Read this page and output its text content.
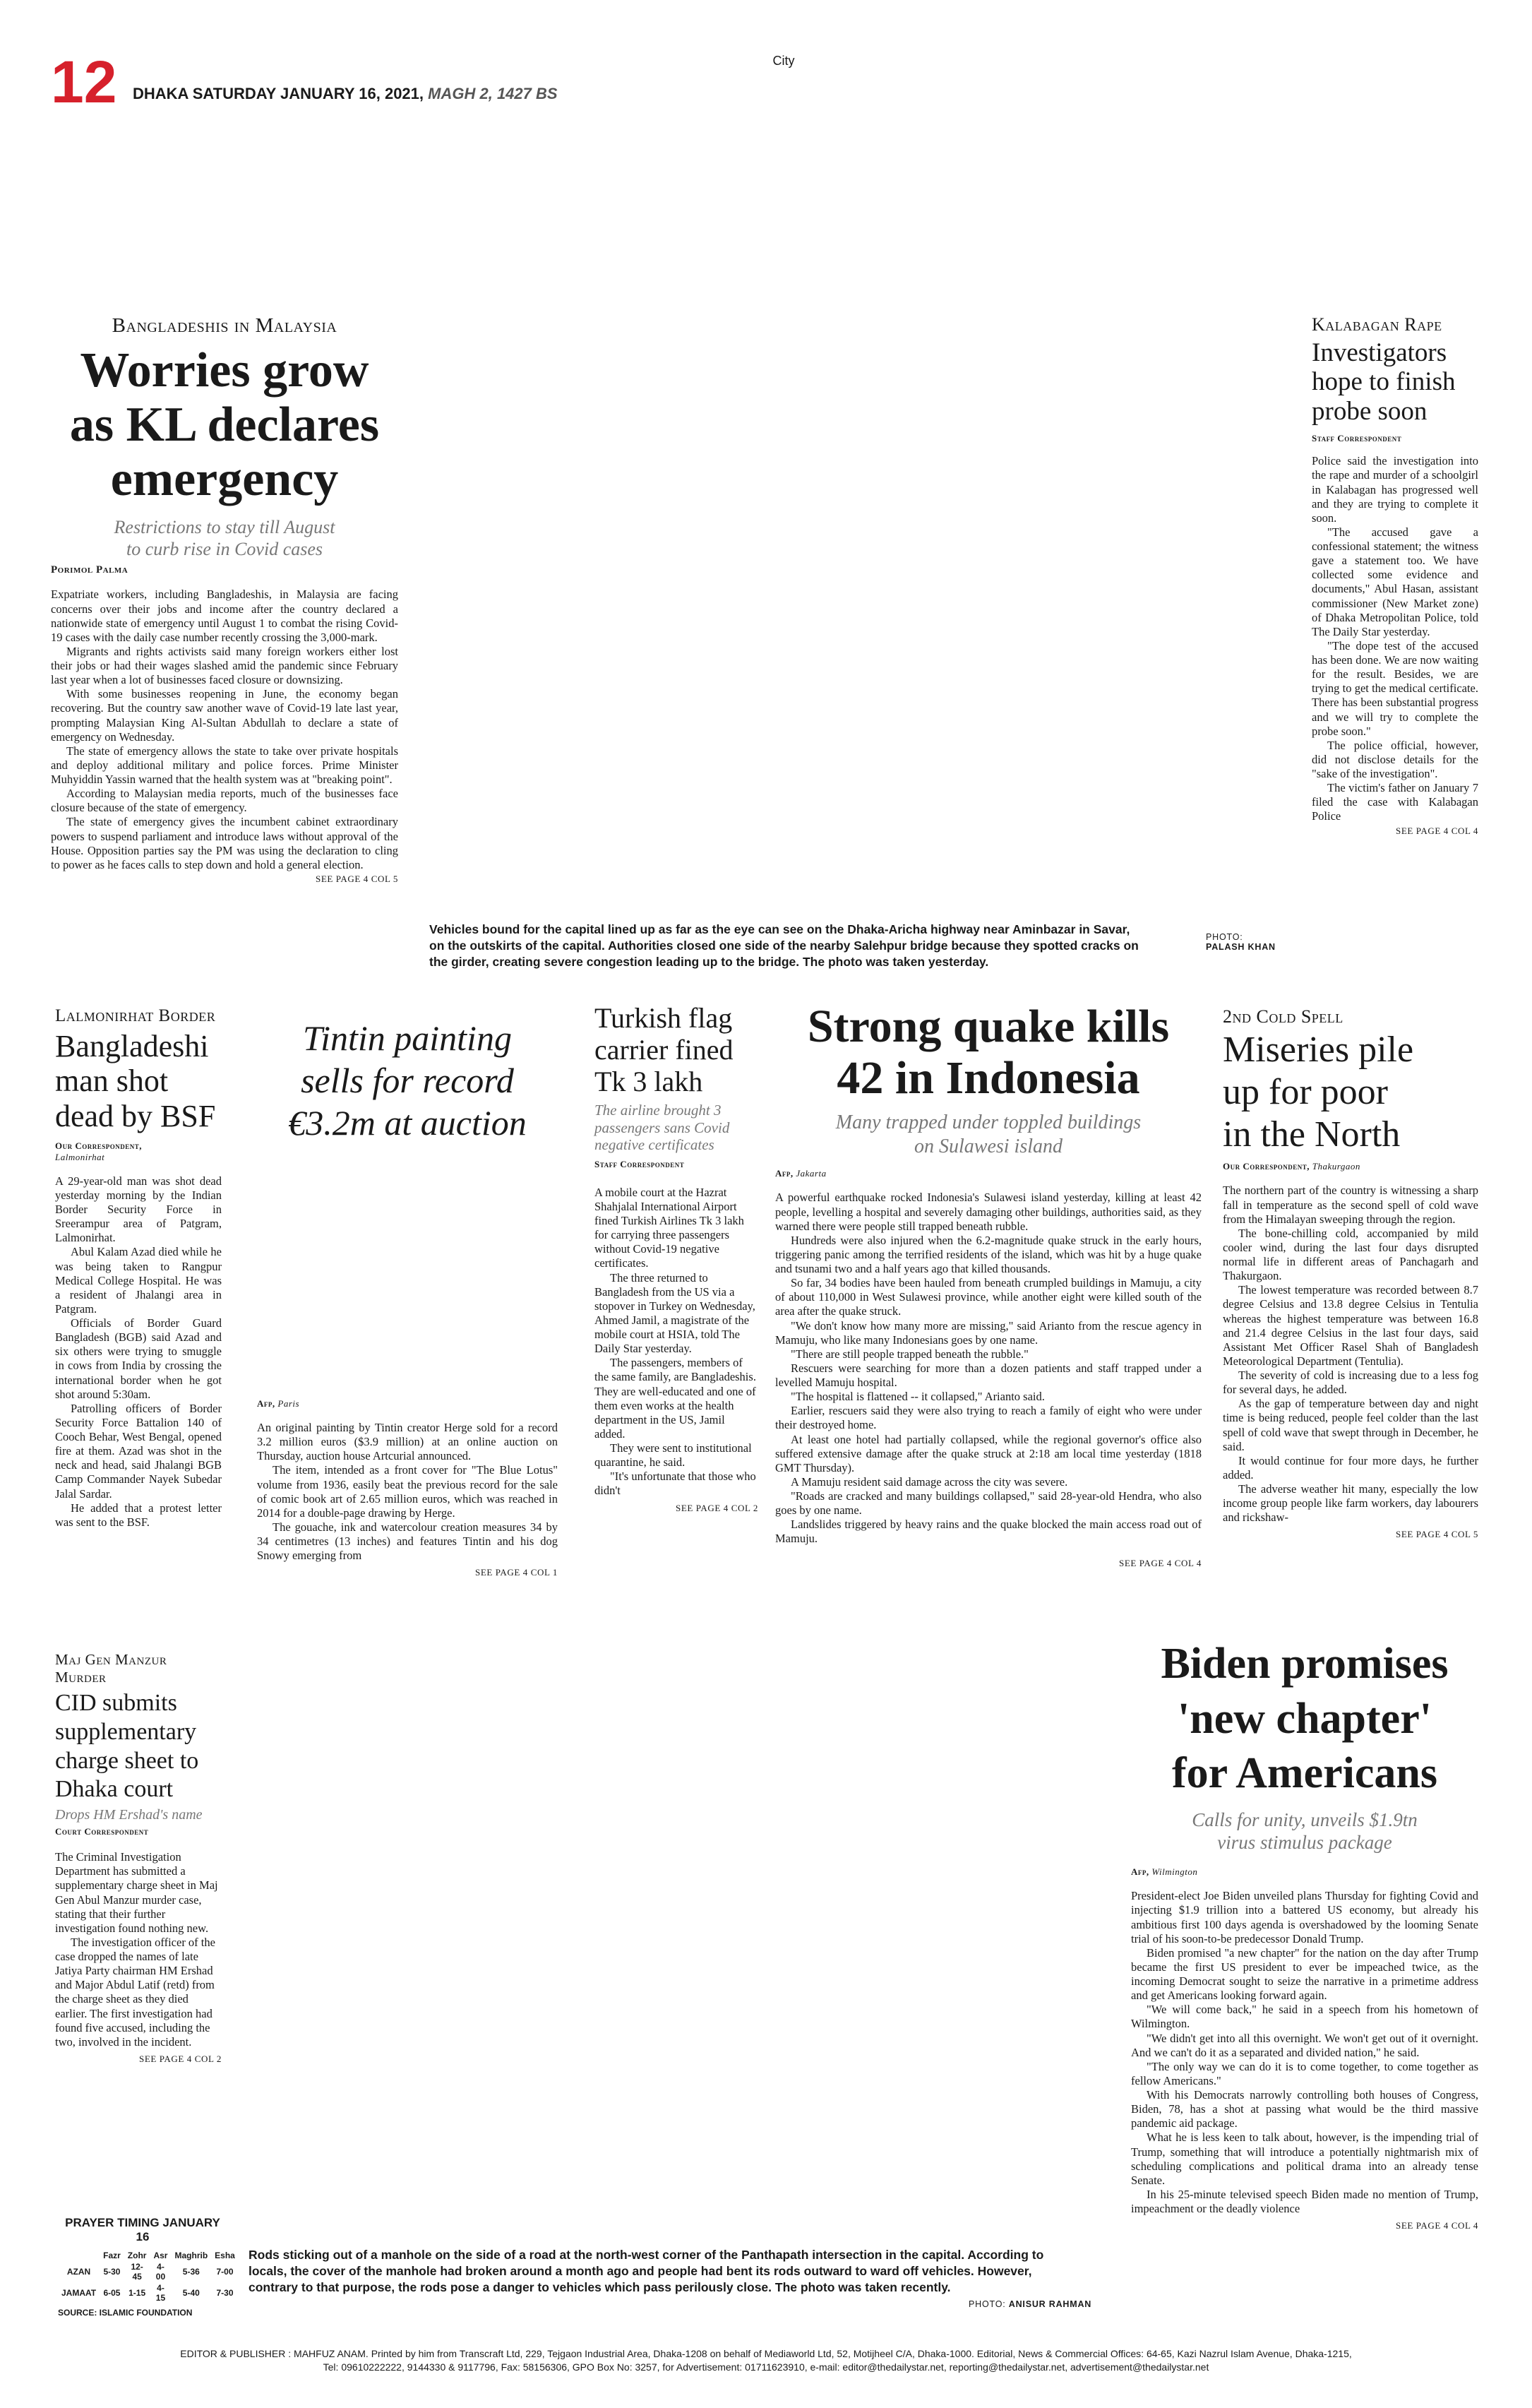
12 DHAKA SATURDAY JANUARY 16, 2021, MAGH 2, 1427 BS
City
Bangladeshis in Malaysia
Worries grow
as KL declares
emergency
Restrictions to stay till August
to curb rise in Covid cases
Porimol Palma

Expatriate workers, including Bangladeshis, in Malaysia are facing concerns over their jobs and income after the country declared a nationwide state of emergency until August 1 to combat the rising Covid-19 cases with the daily case number recently crossing the 3,000-mark.

Migrants and rights activists said many foreign workers either lost their jobs or had their wages slashed amid the pandemic since February last year when a lot of businesses faced closure or downsizing.

With some businesses reopening in June, the economy began recovering. But the country saw another wave of Covid-19 late last year, prompting Malaysian King Al-Sultan Abdullah to declare a state of emergency on Wednesday.

The state of emergency allows the state to take over private hospitals and deploy additional military and police forces. Prime Minister Muhyiddin Yassin warned that the health system was at "breaking point".

According to Malaysian media reports, much of the businesses face closure because of the state of emergency.

The state of emergency gives the incumbent cabinet extraordinary powers to suspend parliament and introduce laws without approval of the House. Opposition parties say the PM was using the declaration to cling to power as he faces calls to step down and hold a general election.

SEE PAGE 4 COL 5
Vehicles bound for the capital lined up as far as the eye can see on the Dhaka-Aricha highway near Aminbazar in Savar, on the outskirts of the capital. Authorities closed one side of the nearby Salehpur bridge because they spotted cracks on the girder, creating severe congestion leading up to the bridge. The photo was taken yesterday.
PHOTO:
PALASH KHAN
Kalabagan Rape
Investigators
hope to finish
probe soon
Staff Correspondent

Police said the investigation into the rape and murder of a schoolgirl in Kalabagan has progressed well and they are trying to complete it soon.

"The accused gave a confessional statement; the witness gave a statement too. We have collected some evidence and documents," Abul Hasan, assistant commissioner (New Market zone) of Dhaka Metropolitan Police, told The Daily Star yesterday.

"The dope test of the accused has been done. We are now waiting for the result. Besides, we are trying to get the medical certificate. There has been substantial progress and we will try to complete the probe soon."

The police official, however, did not disclose details for the "sake of the investigation".

The victim's father on January 7 filed the case with Kalabagan Police

SEE PAGE 4 COL 4
Lalmonirhat Border
Bangladeshi
man shot
dead by BSF
Our Correspondent,
Lalmonirhat

A 29-year-old man was shot dead yesterday morning by the Indian Border Security Force in Sreerampur area of Patgram, Lalmonirhat.

Abul Kalam Azad died while he was being taken to Rangpur Medical College Hospital. He was a resident of Jhalangi area in Patgram.

Officials of Border Guard Bangladesh (BGB) said Azad and six others were trying to smuggle in cows from India by crossing the international border when he got shot around 5:30am.

Patrolling officers of Border Security Force Battalion 140 of Cooch Behar, West Bengal, opened fire at them. Azad was shot in the neck and head, said Jhalangi BGB Camp Commander Nayek Subedar Jalal Sardar.

He added that a protest letter was sent to the BSF.

Tintin painting
sells for record
€3.2m at auction
Afp, Paris

An original painting by Tintin creator Herge sold for a record 3.2 million euros ($3.9 million) at an online auction on Thursday, auction house Artcurial announced.

The item, intended as a front cover for "The Blue Lotus" volume from 1936, easily beat the previous record for the sale of comic book art of 2.65 million euros, which was reached in 2014 for a double-page drawing by Herge.

The gouache, ink and watercolour creation measures 34 by 34 centimetres (13 inches) and features Tintin and his dog Snowy emerging from

SEE PAGE 4 COL 1
Turkish flag
carrier fined
Tk 3 lakh
The airline brought 3
passengers sans Covid
negative certificates
Staff Correspondent

A mobile court at the Hazrat Shahjalal International Airport fined Turkish Airlines Tk 3 lakh for carrying three passengers without Covid-19 negative certificates.

The three returned to Bangladesh from the US via a stopover in Turkey on Wednesday, Ahmed Jamil, a magistrate of the mobile court at HSIA, told The Daily Star yesterday.

The passengers, members of the same family, are Bangladeshis. They are well-educated and one of them even works at the health department in the US, Jamil added.

They were sent to institutional quarantine, he said.

"It's unfortunate that those who didn't

SEE PAGE 4 COL 2
Strong quake kills
42 in Indonesia
Many trapped under toppled buildings
on Sulawesi island
Afp, Jakarta

A powerful earthquake rocked Indonesia's Sulawesi island yesterday, killing at least 42 people, levelling a hospital and severely damaging other buildings, authorities said, as they warned there were people still trapped beneath rubble.

Hundreds were also injured when the 6.2-magnitude quake struck in the early hours, triggering panic among the terrified residents of the island, which was hit by a huge quake and tsunami two and a half years ago that killed thousands.

So far, 34 bodies have been hauled from beneath crumpled buildings in Mamuju, a city of about 110,000 in West Sulawesi province, while another eight were killed south of the area after the quake struck.

"We don't know how many more are missing," said Arianto from the rescue agency in Mamuju, who like many Indonesians goes by one name.

"There are still people trapped beneath the rubble."

Rescuers were searching for more than a dozen patients and staff trapped under a levelled Mamuju hospital.

"The hospital is flattened -- it collapsed," Arianto said.

Earlier, rescuers said they were also trying to reach a family of eight who were under their destroyed home.

At least one hotel had partially collapsed, while the regional governor's office also suffered extensive damage after the quake struck at 2:18 am local time yesterday (1818 GMT Thursday).

A Mamuju resident said damage across the city was severe.

"Roads are cracked and many buildings collapsed," said 28-year-old Hendra, who also goes by one name.

Landslides triggered by heavy rains and the quake blocked the main access road out of Mamuju.

SEE PAGE 4 COL 4
2nd Cold Spell
Miseries pile
up for poor
in the North
Our Correspondent, Thakurgaon

The northern part of the country is witnessing a sharp fall in temperature as the second spell of cold wave from the Himalayan sweeping through the region.

The bone-chilling cold, accompanied by mild cooler wind, during the last four days disrupted normal life in different areas of Panchagarh and Thakurgaon.

The lowest temperature was recorded between 8.7 degree Celsius and 13.8 degree Celsius in Tentulia whereas the highest temperature was between 16.8 and 21.4 degree Celsius in the last four days, said Assistant Met Officer Rasel Shah of Bangladesh Meteorological Department (Tentulia).

The severity of cold is increasing due to a less fog for several days, he added.

As the gap of temperature between day and night time is being reduced, people feel colder than the last spell of cold wave that swept through in December, he said.

It would continue for four more days, he further added.

The adverse weather hit many, especially the low income group people like farm workers, day labourers and rickshaw-

SEE PAGE 4 COL 5
Maj Gen Manzur Murder
CID submits
supplementary
charge sheet to
Dhaka court
Drops HM Ershad's name
Court Correspondent

The Criminal Investigation Department has submitted a supplementary charge sheet in Maj Gen Abul Manzur murder case, stating that their further investigation found nothing new.

The investigation officer of the case dropped the names of late Jatiya Party chairman HM Ershad and Major Abdul Latif (retd) from the charge sheet as they died earlier. The first investigation had found five accused, including the two, involved in the incident.

SEE PAGE 4 COL 2
Biden promises
'new chapter'
for Americans
Calls for unity, unveils $1.9tn
virus stimulus package
Afp, Wilmington

President-elect Joe Biden unveiled plans Thursday for fighting Covid and injecting $1.9 trillion into a battered US economy, but already his ambitious first 100 days agenda is overshadowed by the looming Senate trial of his soon-to-be predecessor Donald Trump.

Biden promised "a new chapter" for the nation on the day after Trump became the first US president to ever be impeached twice, as the incoming Democrat sought to seize the narrative in a primetime address and get Americans looking forward again.

"We will come back," he said in a speech from his hometown of Wilmington.

"We didn't get into all this overnight. We won't get out of it overnight. And we can't do it as a separated and divided nation," he said.

"The only way we can do it is to come together, to come together as fellow Americans."

With his Democrats narrowly controlling both houses of Congress, Biden, 78, has a shot at passing what would be the third massive pandemic aid package.

What he is less keen to talk about, however, is the impending trial of Trump, something that will introduce a potentially nightmarish mix of scheduling complications and political drama into an already tense Senate.

In his 25-minute televised speech Biden made no mention of Trump, impeachment or the deadly violence

SEE PAGE 4 COL 4
PRAYER TIMING JANUARY 16
	Fazr	Zohr	Asr	Maghrib	Esha
AZAN	5-30	12-45	4-00	5-36	7-00
JAMAAT	6-05	1-15	4-15	5-40	7-30
SOURCE: ISLAMIC FOUNDATION
Rods sticking out of a manhole on the side of a road at the north-west corner of the Panthapath intersection in the capital. According to locals, the cover of the manhole had broken around a month ago and people had bent its rods outward to ward off vehicles. However, contrary to that purpose, the rods pose a danger to vehicles which pass perilously close. The photo was taken recently.
PHOTO: ANISUR RAHMAN
EDITOR & PUBLISHER : MAHFUZ ANAM. Printed by him from Transcraft Ltd, 229, Tejgaon Industrial Area, Dhaka-1208 on behalf of Mediaworld Ltd, 52, Motijheel C/A, Dhaka-1000. Editorial, News & Commercial Offices: 64-65, Kazi Nazrul Islam Avenue, Dhaka-1215,
Tel: 09610222222, 9144330 & 9117796, Fax: 58156306, GPO Box No: 3257, for Advertisement: 01711623910, e-mail: editor@thedailystar.net, reporting@thedailystar.net, advertisement@thedailystar.net
